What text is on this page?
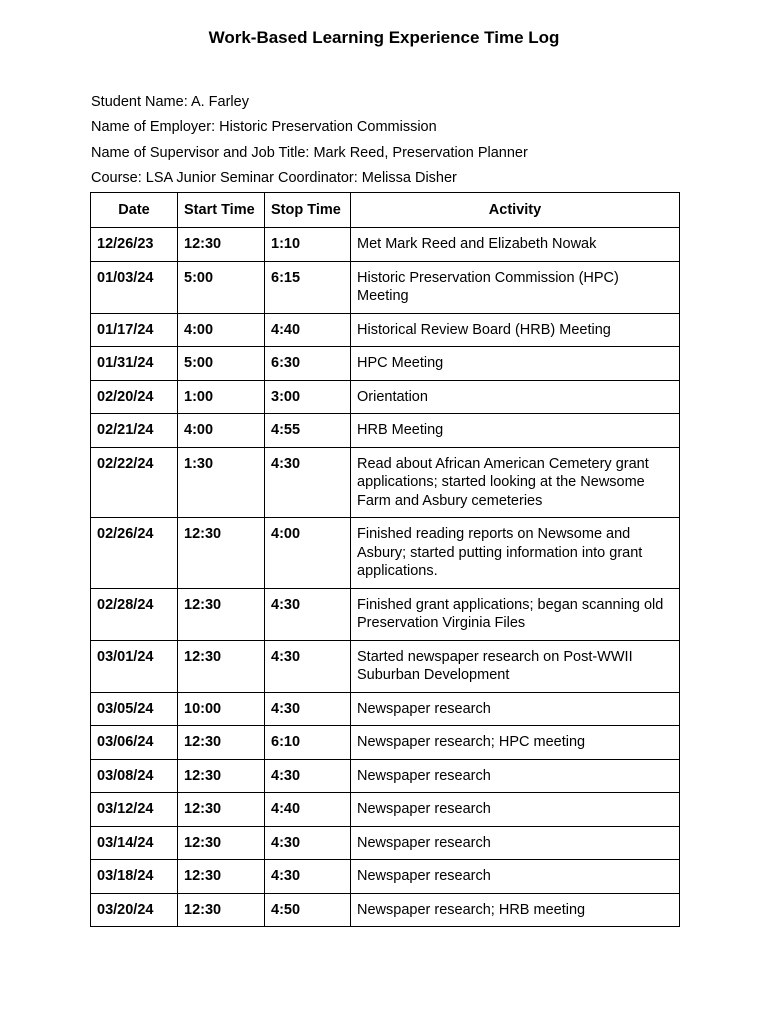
Work-Based Learning Experience Time Log
Student Name: A. Farley
Name of Employer: Historic Preservation Commission
Name of Supervisor and Job Title: Mark Reed, Preservation Planner
Course: LSA Junior Seminar Coordinator: Melissa Disher
Date	Start Time	Stop Time	Activity
12/26/23	12:30	1:10	Met Mark Reed and Elizabeth Nowak
01/03/24	5:00	6:15	Historic Preservation Commission (HPC) Meeting
01/17/24	4:00	4:40	Historical Review Board (HRB) Meeting
01/31/24	5:00	6:30	HPC Meeting
02/20/24	1:00	3:00	Orientation
02/21/24	4:00	4:55	HRB Meeting
02/22/24	1:30	4:30	Read about African American Cemetery grant applications; started looking at the Newsome Farm and Asbury cemeteries
02/26/24	12:30	4:00	Finished reading reports on Newsome and Asbury; started putting information into grant applications.
02/28/24	12:30	4:30	Finished grant applications; began scanning old Preservation Virginia Files
03/01/24	12:30	4:30	Started newspaper research on Post-WWII Suburban Development
03/05/24	10:00	4:30	Newspaper research
03/06/24	12:30	6:10	Newspaper research; HPC meeting
03/08/24	12:30	4:30	Newspaper research
03/12/24	12:30	4:40	Newspaper research
03/14/24	12:30	4:30	Newspaper research
03/18/24	12:30	4:30	Newspaper research
03/20/24	12:30	4:50	Newspaper research; HRB meeting
